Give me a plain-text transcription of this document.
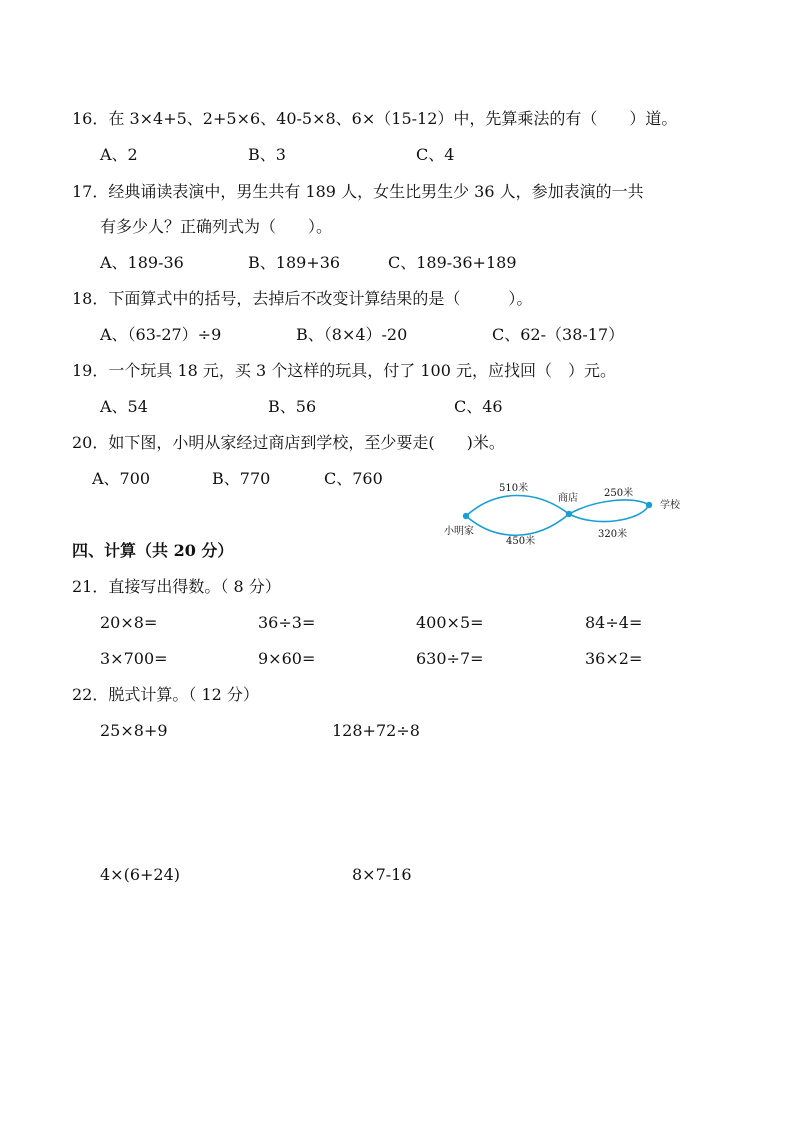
16．在 3×4+5、2+5×6、40-5×8、6×（15-12）中，先算乘法的有（　　）道。
A、2	B、3	C、4
17．经典诵读表演中，男生共有 189 人，女生比男生少 36 人，参加表演的一共
有多少人？正确列式为（　　）。
A、189-36	B、189+36	C、189-36+189
18．下面算式中的括号，去掉后不改变计算结果的是（　　　）。
A、（63-27）÷9	B、（8×4）-20	C、62-（38-17）
19．一个玩具 18 元，买 3 个这样的玩具，付了 100 元，应找回（　）元。
A、54	B、56	C、46
20．如下图，小明从家经过商店到学校，至少要走(　　)米。
A、700	B、770	C、760
小明家
商店
学校
510米
450米
250米
320米
四、计算（共 20 分）
21．直接写出得数。（ 8 分）
20×8=	36÷3=	400×5=	84÷4=
3×700=	9×60=	630÷7=	36×2=
22．脱式计算。（ 12 分）
25×8+9	128+72÷8
4×(6+24)	8×7-16
